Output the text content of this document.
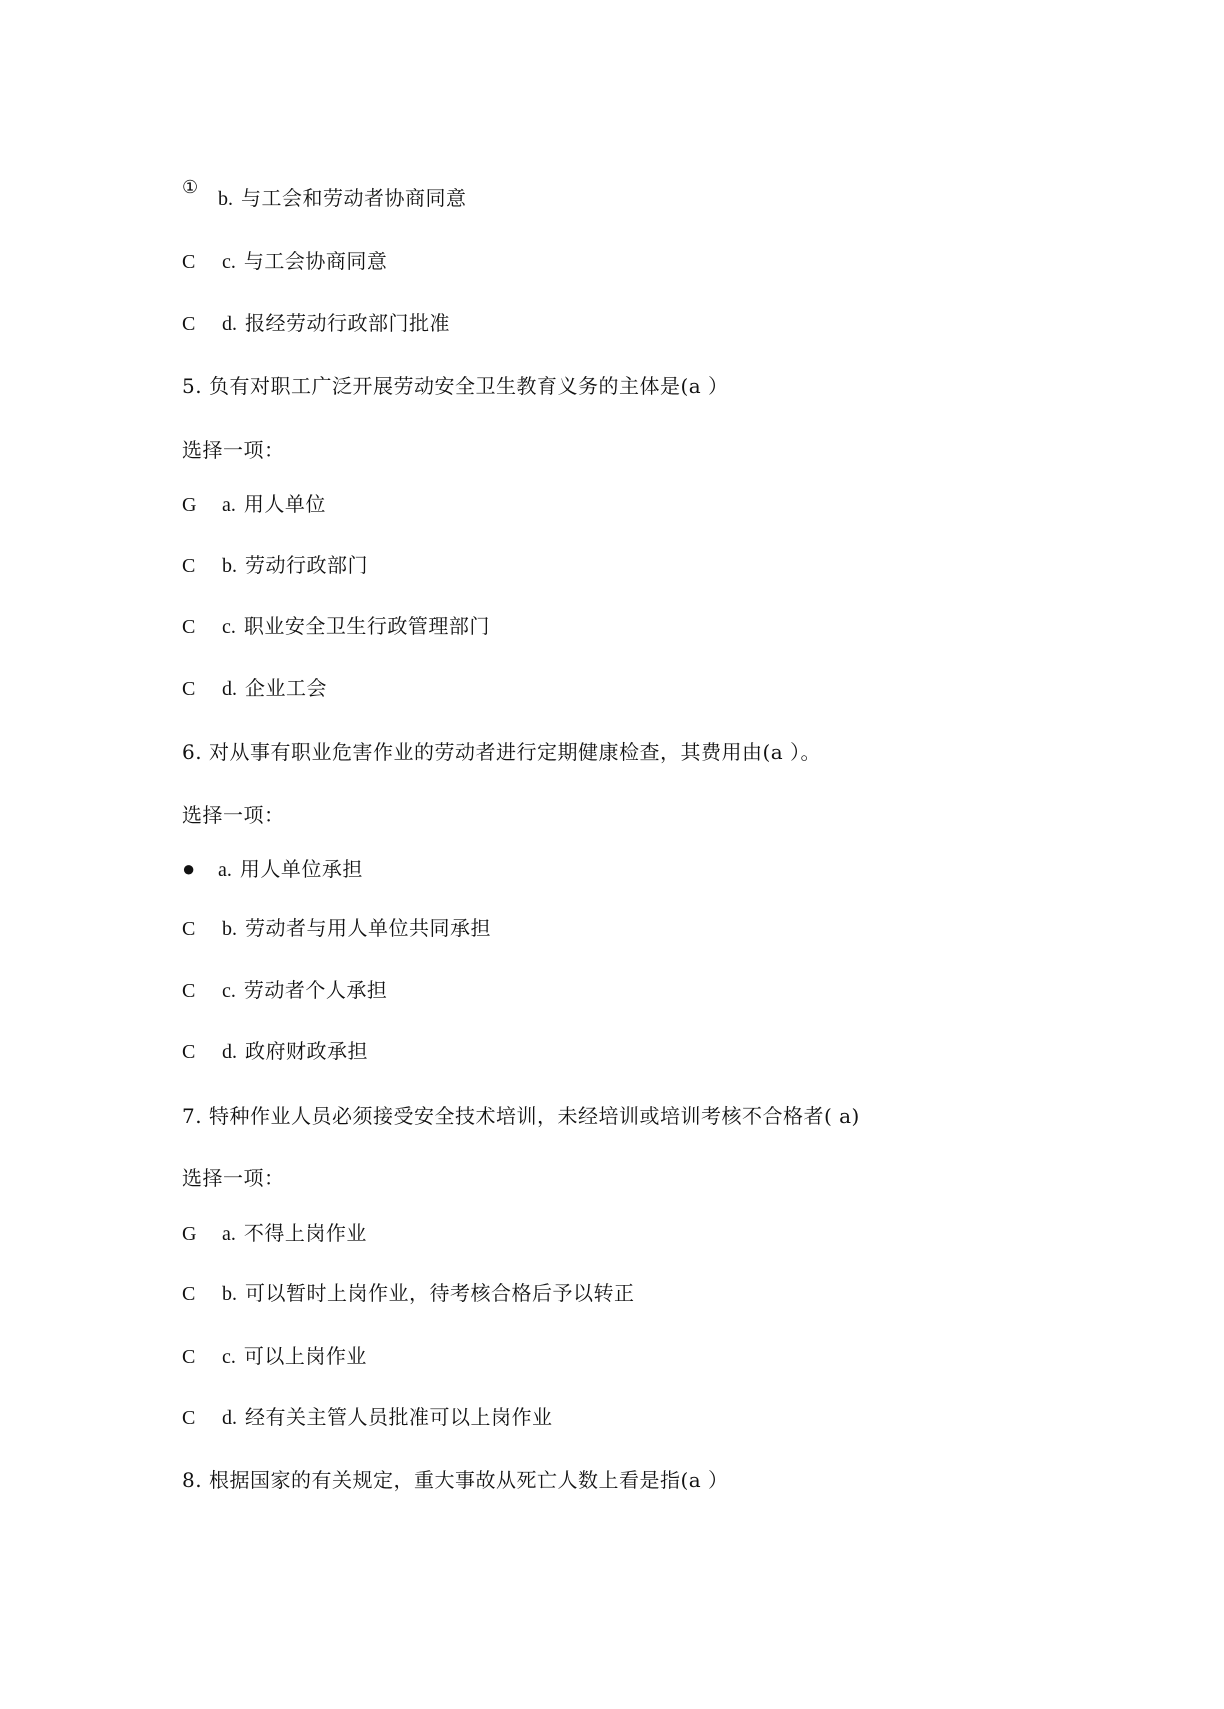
①b. 与工会和劳动者协商同意
C c. 与工会协商同意
C d. 报经劳动行政部门批准
5. 负有对职工广泛开展劳动安全卫生教育义务的主体是(a ）
选择一项：
G a. 用人单位
C b. 劳动行政部门
C c. 职业安全卫生行政管理部门
C d. 企业工会
6. 对从事有职业危害作业的劳动者进行定期健康检查，其费用由(a ）。
选择一项：
● a. 用人单位承担
C b. 劳动者与用人单位共同承担
C c. 劳动者个人承担
C d. 政府财政承担
7. 特种作业人员必须接受安全技术培训，未经培训或培训考核不合格者( a)
选择一项：
G a. 不得上岗作业
C b. 可以暂时上岗作业，待考核合格后予以转正
C c. 可以上岗作业
C d. 经有关主管人员批准可以上岗作业
8. 根据国家的有关规定，重大事故从死亡人数上看是指(a ）
